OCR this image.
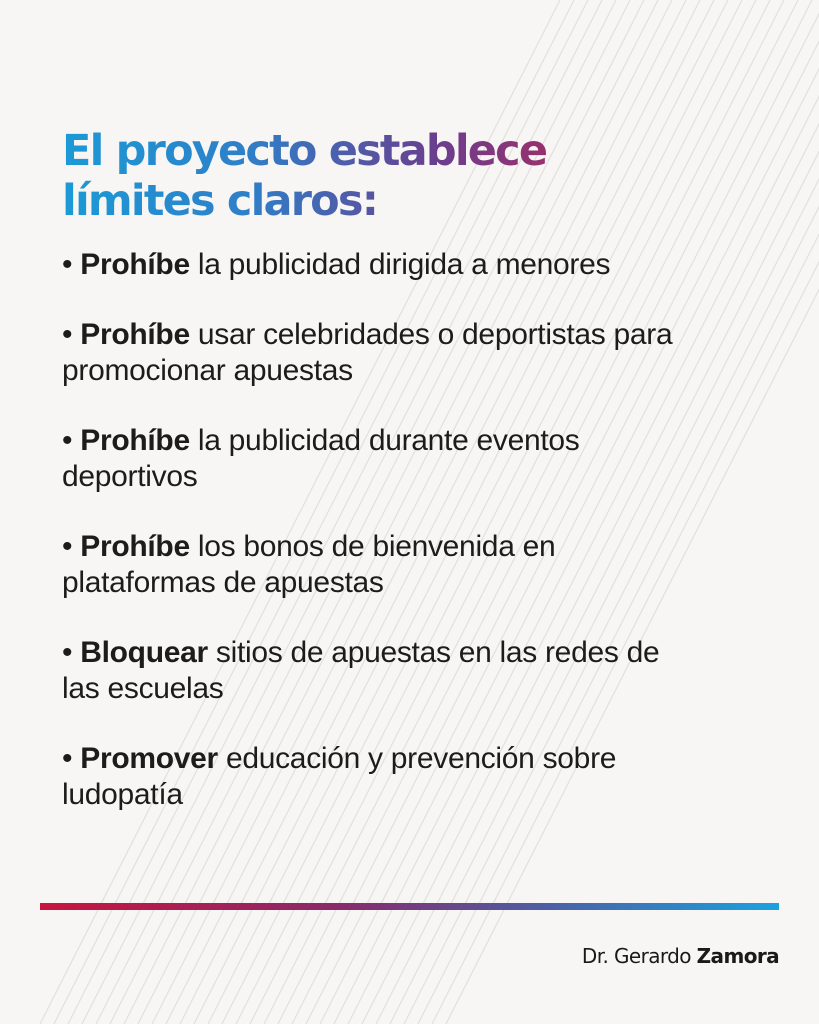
El proyecto establece
límites claros:
• Prohíbe la publicidad dirigida a menores
• Prohíbe usar celebridades o deportistas para promocionar apuestas
• Prohíbe la publicidad durante eventos deportivos
• Prohíbe los bonos de bienvenida en plataformas de apuestas
• Bloquear sitios de apuestas en las redes de las escuelas
• Promover educación y prevención sobre ludopatía
Dr. Gerardo Zamora
